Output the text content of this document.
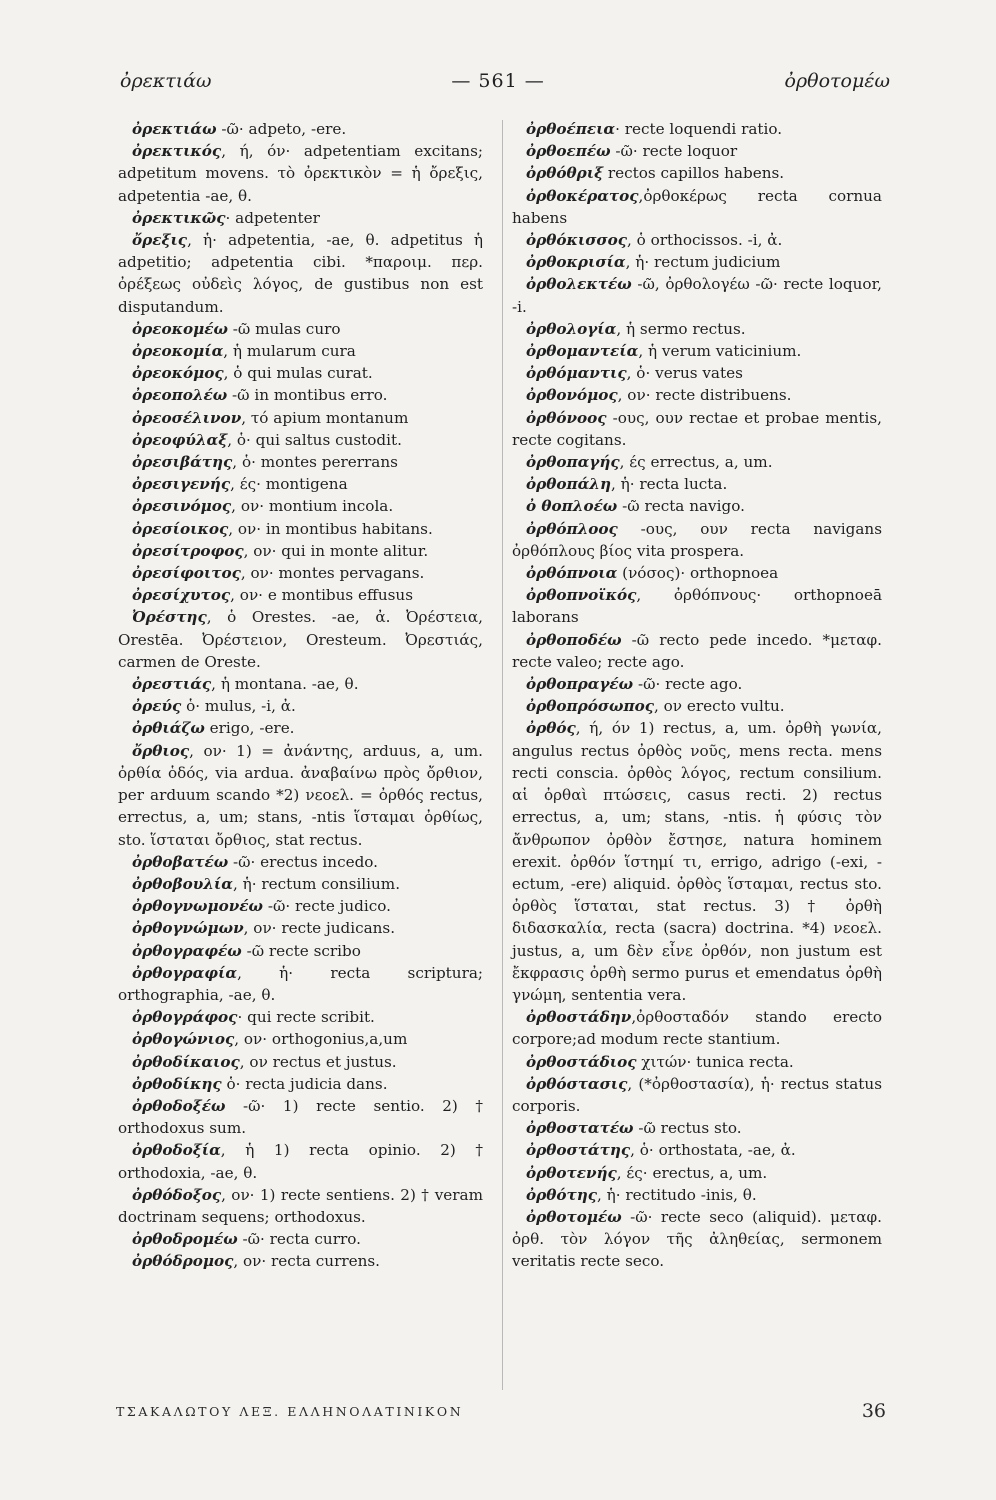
ὀρεκτιάω	— 561 —	ὀρθοτομέω

ὀρεκτιάω -ῶ· adpeto, -ere.

ὀρεκτικός, ή, όν· adpetentiam excitans; adpetitum movens. τὸ ὀρεκτικὸν = ἡ ὄρεξις, adpetentia -ae, θ.

ὀρεκτικῶς· adpetenter

ὄρεξις, ἡ· adpetentia, -ae, θ. adpetitus ἡ adpetitio; adpetentia cibi. *παροιμ. περ. ὀρέξεως οὐδεὶς λόγος, de gustibus non est disputandum.

ὀρεοκομέω -ῶ mulas curo

ὀρεοκομία, ἡ mularum cura

ὀρεοκόμος, ὁ qui mulas curat.

ὀρεοπολέω -ῶ in montibus erro.

ὀρεοσέλινον, τό apium montanum

ὀρεοφύλαξ, ὁ· qui saltus custodit.

ὀρεσιβάτης, ὁ· montes pererrans

ὀρεσιγενής, ές· montigena

ὀρεσινόμος, ον· montium incola.

ὀρεσίοικος, ον· in montibus habitans.

ὀρεσίτροφος, ον· qui in monte alitur.

ὀρεσίφοιτος, ον· montes pervagans.

ὀρεσίχυτος, ον· e montibus effusus

Ὀρέστης, ὁ Orestes. -ae, ἀ. Ὀρέστεια, Orestēa. Ὀρέστειον, Oresteum. Ὀρεστιάς, carmen de Oreste.

ὀρεστιάς, ἡ montana. -ae, θ.

ὀρεύς ὁ· mulus, -i, ἀ.

ὀρθιάζω erigo, -ere.

ὄρθιος, ον· 1) = ἀνάντης, arduus, a, um. ὀρθία ὁδός, via ardua. ἀναβαίνω πρὸς ὄρθιον, per arduum scando *2) νεοελ. = ὀρθός rectus, errectus, a, um; stans, -ntis ἵσταμαι ὀρθίως, sto. ἵσταται ὄρθιος, stat rectus.

ὀρθοβατέω -ῶ· erectus incedo.

ὀρθοβουλία, ἡ· rectum consilium.

ὀρθογνωμονέω -ῶ· recte judico.

ὀρθογνώμων, ον· recte judicans.

ὀρθογραφέω -ῶ recte scribo

ὀρθογραφία, ἡ· recta scriptura; orthographia, -ae, θ.

ὀρθογράφος· qui recte scribit.

ὀρθογώνιος, ον· orthogonius,a,um

ὀρθοδίκαιος, ον rectus et justus.

ὀρθοδίκης ὁ· recta judicia dans.

ὀρθοδοξέω -ῶ· 1) recte sentio. 2) † orthodoxus sum.

ὀρθοδοξία, ἡ 1) recta opinio. 2) † orthodoxia, -ae, θ.

ὀρθόδοξος, ον· 1) recte sentiens. 2) † veram doctrinam sequens; orthodoxus.

ὀρθοδρομέω -ῶ· recta curro.

ὀρθόδρομος, ον· recta currens.

ὀρθοέπεια· recte loquendi ratio.

ὀρθοεπέω -ῶ· recte loquor

ὀρθόθριξ rectos capillos habens.

ὀρθοκέρατος,ὀρθοκέρως recta cornua habens

ὀρθόκισσος, ὁ orthocissos. -i, ἀ.

ὀρθοκρισία, ἡ· rectum judicium

ὀρθολεκτέω -ῶ, ὀρθολογέω -ῶ· recte loquor, -i.

ὀρθολογία, ἡ sermo rectus.

ὀρθομαντεία, ἡ verum vaticinium.

ὀρθόμαντις, ὁ· verus vates

ὀρθονόμος, ον· recte distribuens.

ὀρθόνοος -ους, ουν rectae et probae mentis, recte cogitans.

ὀρθοπαγής, ές errectus, a, um.

ὀρθοπάλη, ἡ· recta lucta.

ὀ θοπλοέω -ῶ recta navigo.

ὀρθόπλοος -ους, ουν recta navigans ὀρθόπλους βίος vita prospera.

ὀρθόπνοια (νόσος)· orthopnoea

ὀρθοπνοϊκός, ὀρθόπνους· orthopnoeā laborans

ὀρθοποδέω -ῶ recto pede incedo. *μεταφ. recte valeo; recte ago.

ὀρθοπραγέω -ῶ· recte ago.

ὀρθοπρόσωπος, ον erecto vultu.

ὀρθός, ή, όν 1) rectus, a, um. ὀρθὴ γωνία, angulus rectus ὀρθὸς νοῦς, mens recta. mens recti conscia. ὀρθὸς λόγος, rectum consilium. αἱ ὀρθαὶ πτώσεις, casus recti. 2) rectus errectus, a, um; stans, -ntis. ἡ φύσις τὸν ἄνθρωπον ὀρθὸν ἔστησε, natura hominem erexit. ὀρθόν ἵστημί τι, errigo, adrigo (-exi, -ectum, -ere) aliquid. ὀρθὸς ἵσταμαι, rectus sto. ὀρθὸς ἵσταται, stat rectus. 3) † ὀρθὴ διδασκαλία, recta (sacra) doctrina. *4) νεοελ. justus, a, um δὲν εἶνε ὀρθόν, non justum est ἔκφρασις ὀρθὴ sermo purus et emendatus ὀρθὴ γνώμη, sententia vera.

ὀρθοστάδην,ὀρθοσταδόν stando erecto corpore;ad modum recte stantium.

ὀρθοστάδιος χιτών· tunica recta.

ὀρθόστασις, (*ὀρθοστασία), ἡ· rectus status corporis.

ὀρθοστατέω -ῶ rectus sto.

ὀρθοστάτης, ὁ· orthostata, -ae, ἀ.

ὀρθοτενής, ές· erectus, a, um.

ὀρθότης, ἡ· rectitudo -inis, θ.

ὀρθοτομέω -ῶ· recte seco (aliquid). μεταφ. ὀρθ. τὸν λόγον τῆς ἀληθείας, sermonem veritatis recte seco.

ΤΣΑΚΑΛΩΤΟΥ ΛΕΞ. ΕΛΛΗΝΟΛΑΤΙΝΙΚΟΝ	36
